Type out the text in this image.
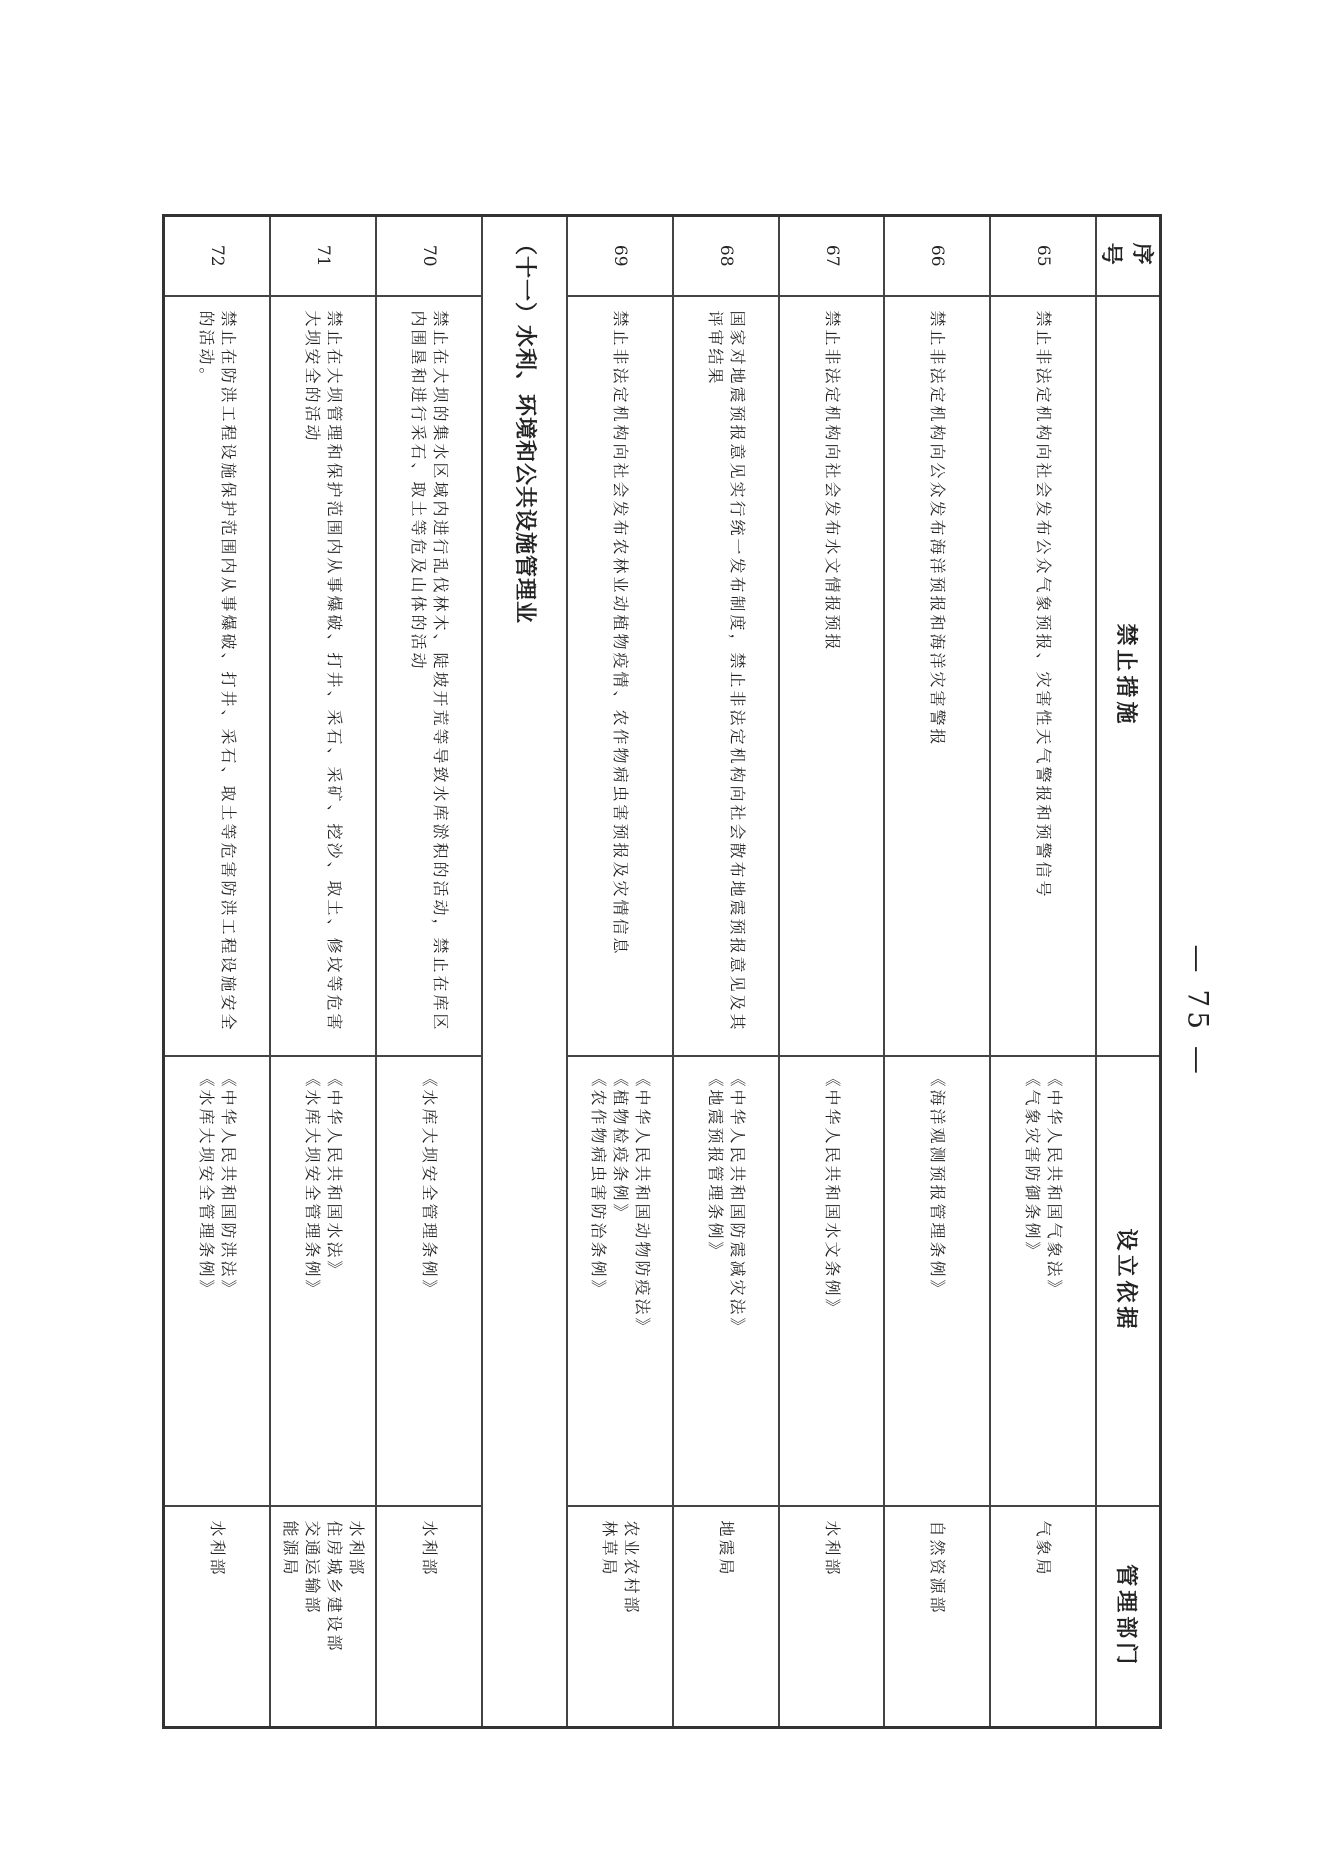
序号	禁止措施	设立依据	管理部门
65	禁止非法定机构向社会发布公众气象预报、灾害性天气警报和预警信号	《中华人民共和国气象法》
《气象灾害防御条例》	气象局

66	禁止非法定机构向公众发布海洋预报和海洋灾害警报	《海洋观测预报管理条例》	自然资源部

67	禁止非法定机构向社会发布水文情报预报	《中华人民共和国水文条例》	水利部

68	国家对地震预报意见实行统一发布制度，禁止非法定机构向社会散布地震预报意见及其评审结果	《中华人民共和国防震减灾法》
《地震预报管理条例》	地震局

69	禁止非法定机构向社会发布农林业动植物疫情、农作物病虫害预报及灾情信息	《中华人民共和国动物防疫法》
《植物检疫条例》
《农作物病虫害防治条例》	农业农村部
林草局

（十一）水利、环境和公共设施管理业			
70	禁止在大坝的集水区域内进行乱伐林木、陡坡开荒等导致水库淤积的活动，禁止在库区内围垦和进行采石、取土等危及山体的活动	《水库大坝安全管理条例》	水利部

71	禁止在大坝管理和保护范围内从事爆破、打井、采石、采矿、挖沙、取土、修坟等危害大坝安全的活动	《中华人民共和国水法》
《水库大坝安全管理条例》	水利部
住房城乡建设部
交通运输部
能源局

72	禁止在防洪工程设施保护范围内从事爆破、打井、采石、取土等危害防洪工程设施安全的活动。	《中华人民共和国防洪法》
《水库大坝安全管理条例》	水利部
— 75 —
